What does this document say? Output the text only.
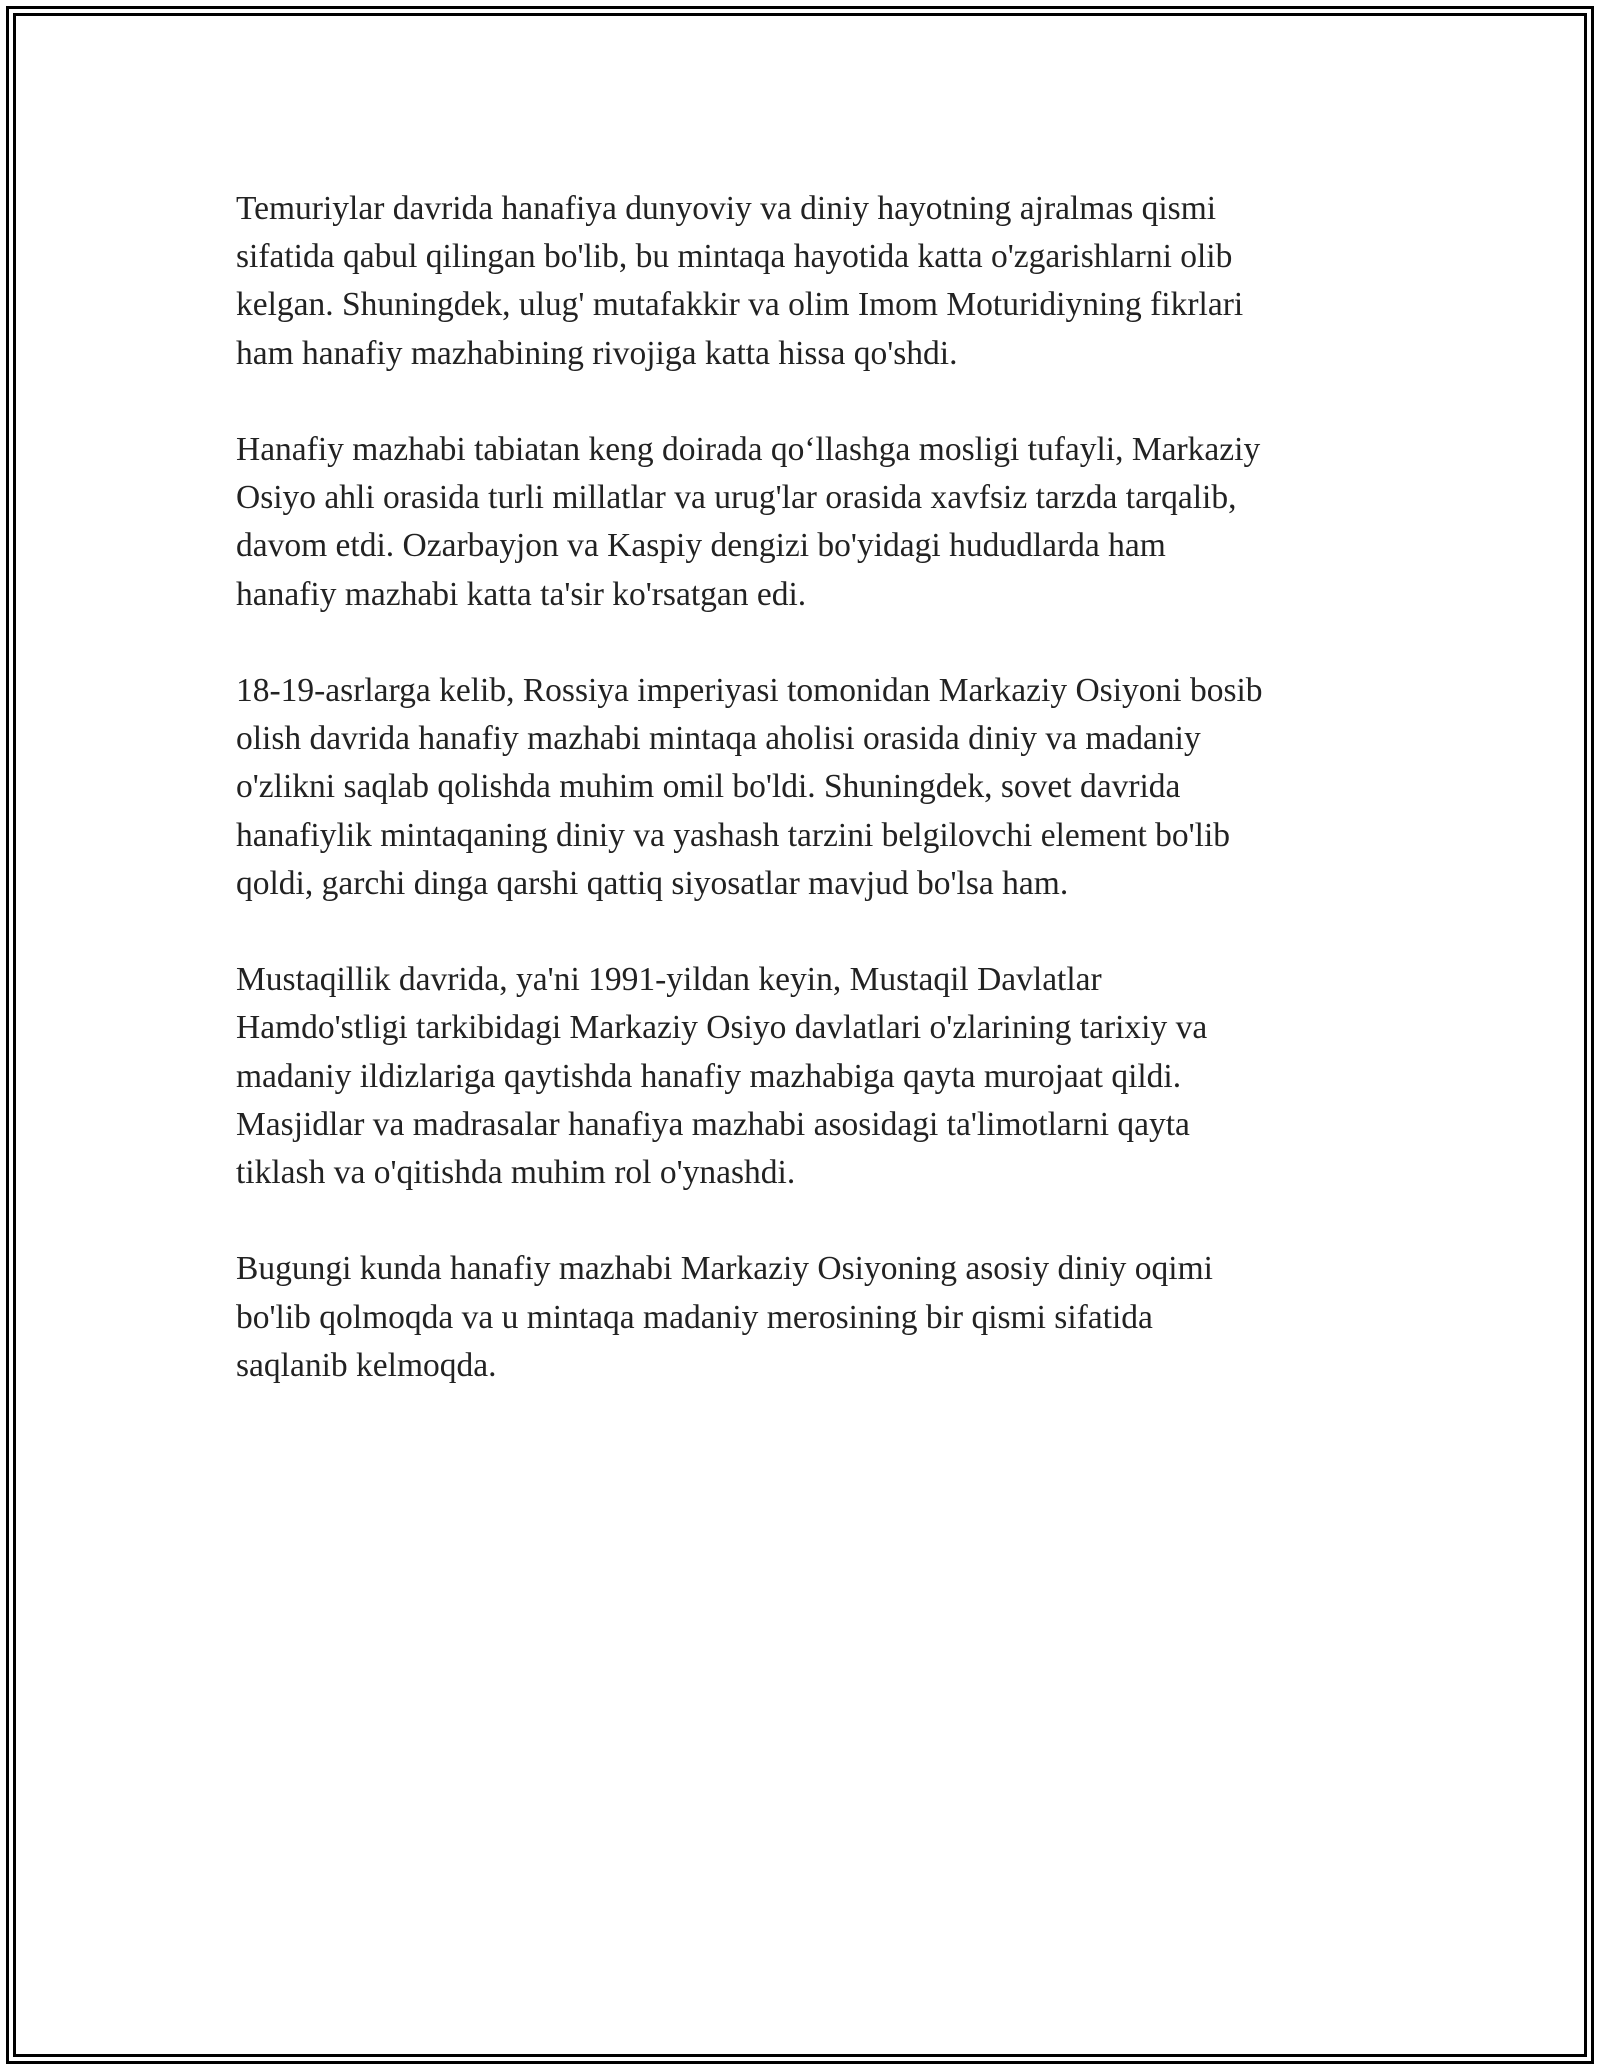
Temuriylar davrida hanafiya dunyoviy va diniy hayotning ajralmas qismi
sifatida qabul qilingan bo'lib, bu mintaqa hayotida katta o'zgarishlarni olib
kelgan. Shuningdek, ulug' mutafakkir va olim Imom Moturidiyning fikrlari
ham hanafiy mazhabining rivojiga katta hissa qo'shdi.
Hanafiy mazhabi tabiatan keng doirada qo‘llashga mosligi tufayli, Markaziy
Osiyo ahli orasida turli millatlar va urug'lar orasida xavfsiz tarzda tarqalib,
davom etdi. Ozarbayjon va Kaspiy dengizi bo'yidagi hududlarda ham
hanafiy mazhabi katta ta'sir ko'rsatgan edi.
18-19-asrlarga kelib, Rossiya imperiyasi tomonidan Markaziy Osiyoni bosib
olish davrida hanafiy mazhabi mintaqa aholisi orasida diniy va madaniy
o'zlikni saqlab qolishda muhim omil bo'ldi. Shuningdek, sovet davrida
hanafiylik mintaqaning diniy va yashash tarzini belgilovchi element bo'lib
qoldi, garchi dinga qarshi qattiq siyosatlar mavjud bo'lsa ham.
Mustaqillik davrida, ya'ni 1991-yildan keyin, Mustaqil Davlatlar
Hamdo'stligi tarkibidagi Markaziy Osiyo davlatlari o'zlarining tarixiy va
madaniy ildizlariga qaytishda hanafiy mazhabiga qayta murojaat qildi.
Masjidlar va madrasalar hanafiya mazhabi asosidagi ta'limotlarni qayta
tiklash va o'qitishda muhim rol o'ynashdi.
Bugungi kunda hanafiy mazhabi Markaziy Osiyoning asosiy diniy oqimi
bo'lib qolmoqda va u mintaqa madaniy merosining bir qismi sifatida
saqlanib kelmoqda.
